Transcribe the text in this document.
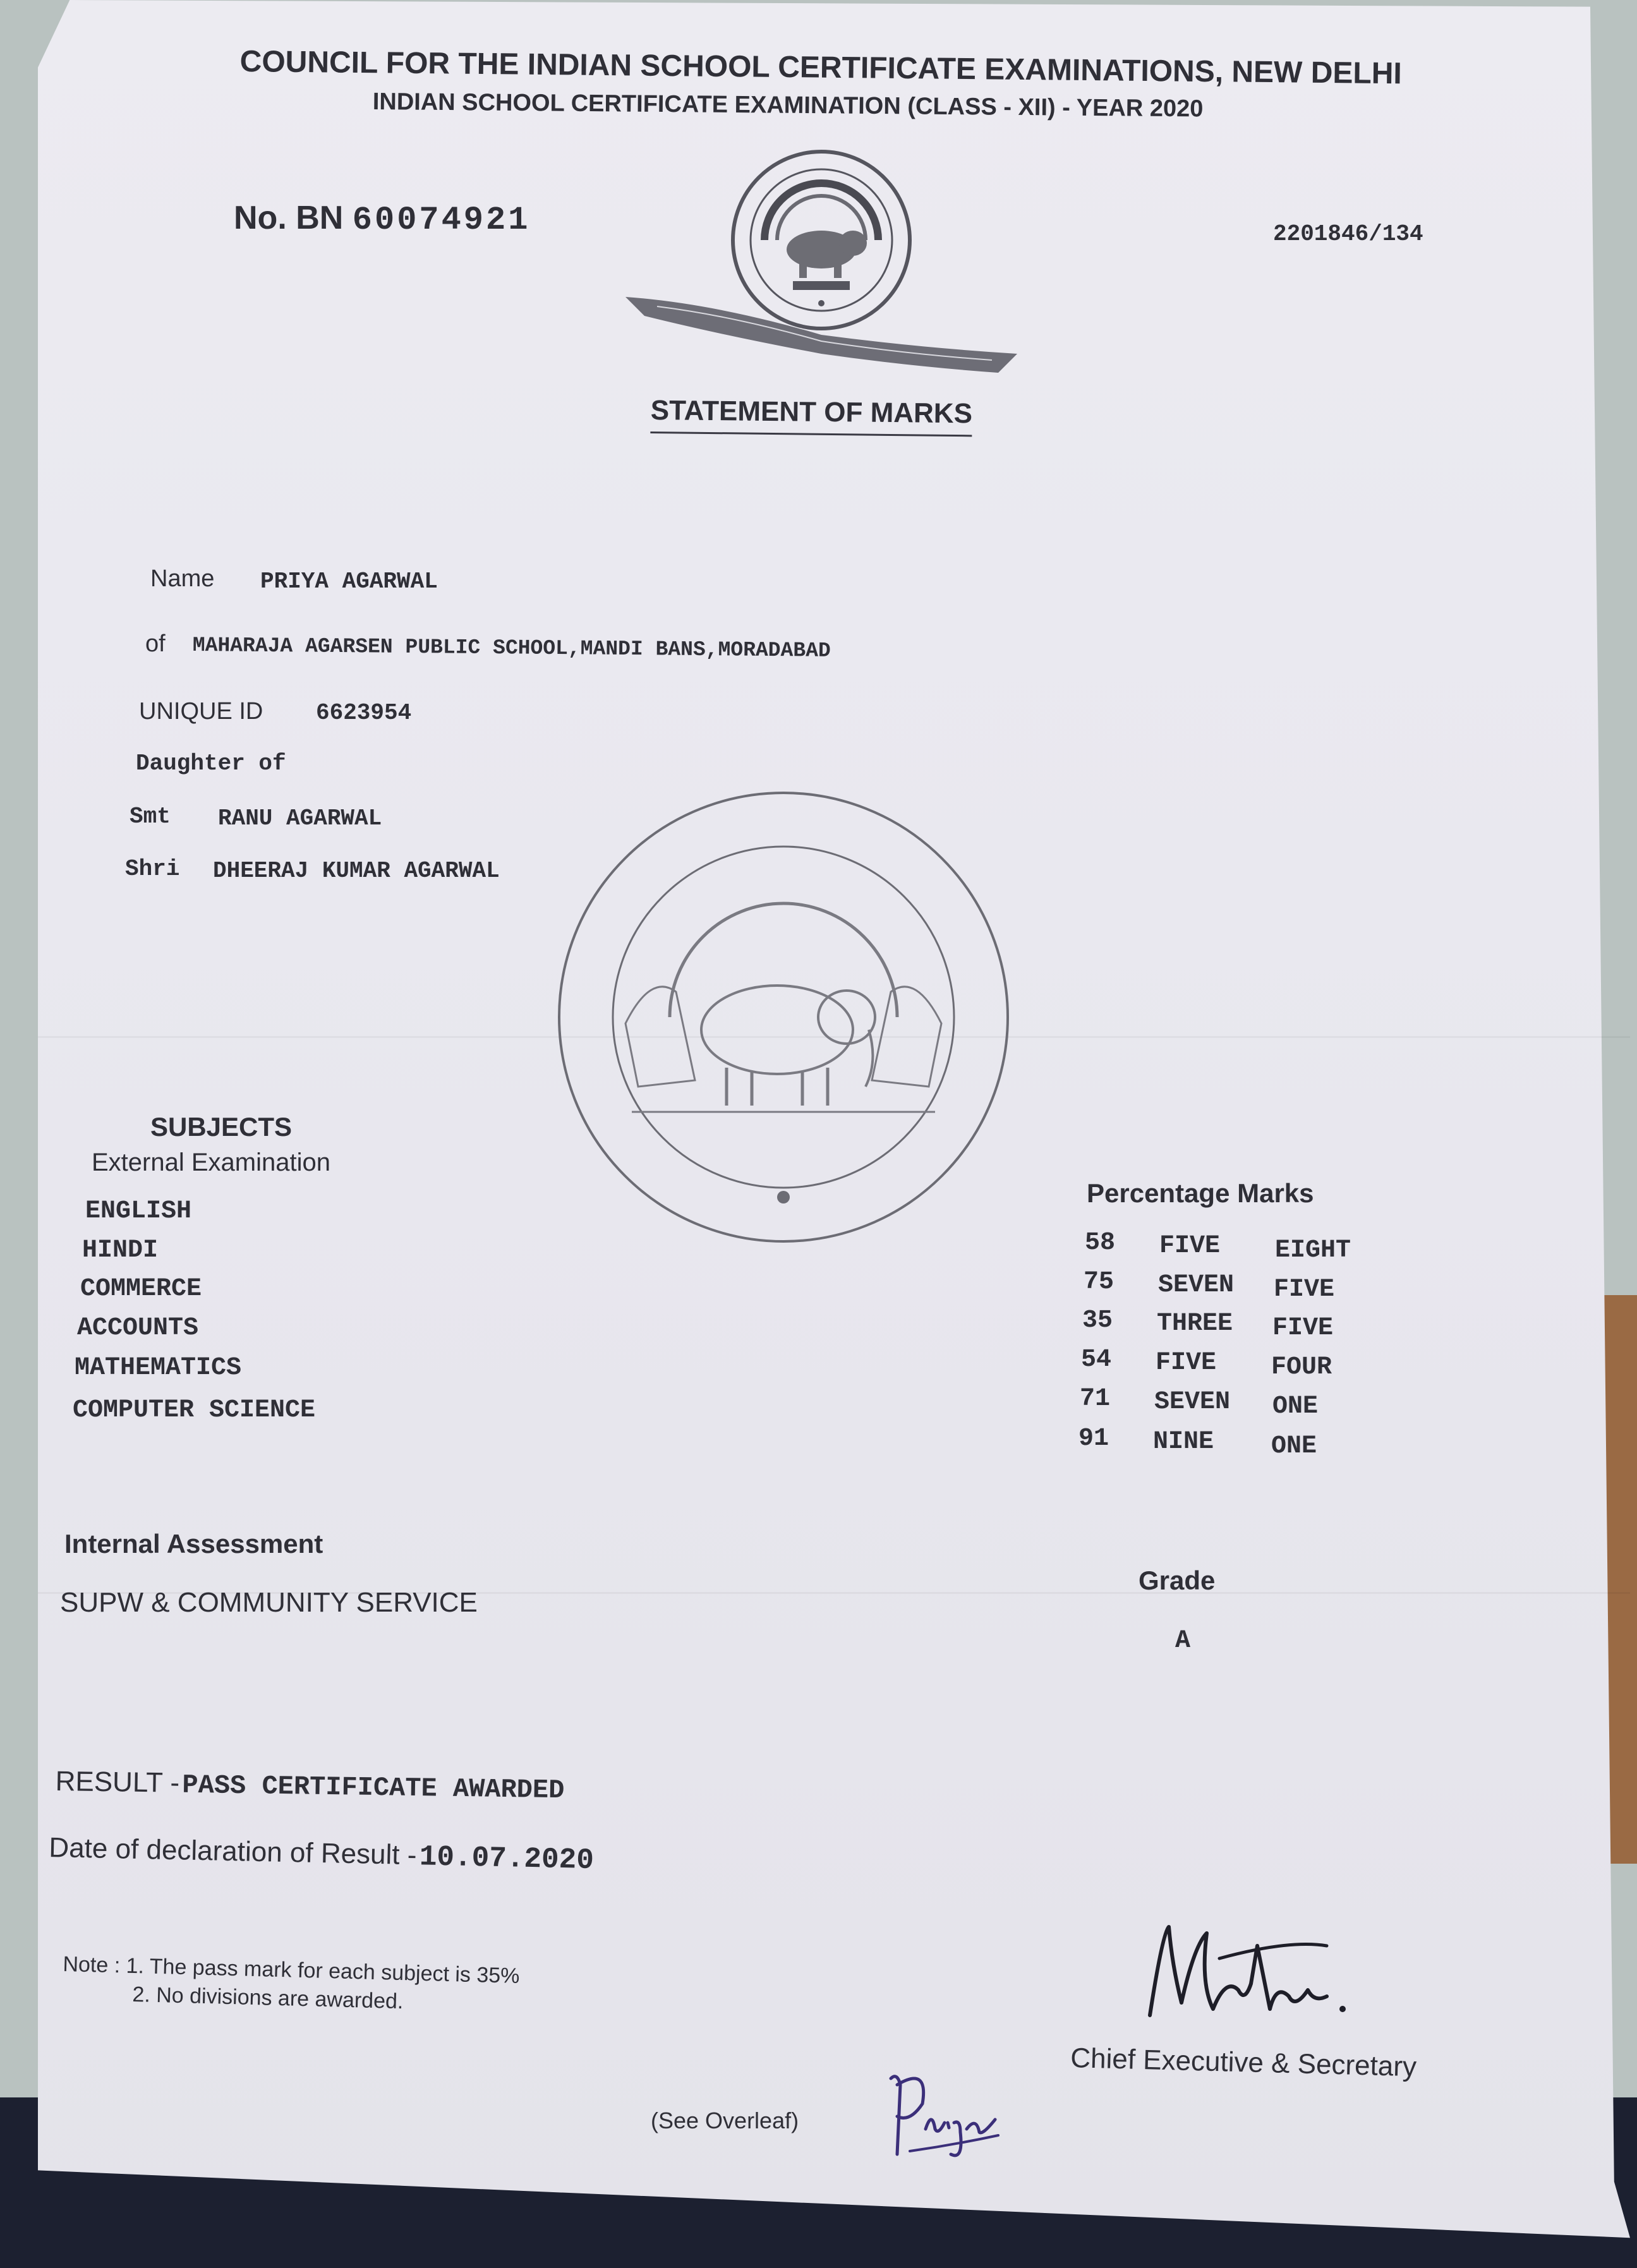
COUNCIL FOR THE INDIAN SCHOOL CERTIFICATE EXAMINATIONS, NEW DELHI
INDIAN SCHOOL CERTIFICATE EXAMINATION (CLASS - XII) - YEAR 2020
No. BN 60074921	2201846/134
STATEMENT OF MARKS
Name PRIYA AGARWAL
of MAHARAJA AGARSEN PUBLIC SCHOOL,MANDI BANS,MORADABAD
UNIQUE ID 6623954
Daughter of
Smt RANU AGARWAL
Shri DHEERAJ KUMAR AGARWAL
SUBJECTS
External Examination
Percentage Marks
ENGLISH
HINDI
COMMERCE
ACCOUNTS
MATHEMATICS
COMPUTER SCIENCE
58 FIVE EIGHT
75 SEVEN FIVE
35 THREE FIVE
54 FIVE FOUR
71 SEVEN ONE
91 NINE ONE
Internal Assessment
SUPW & COMMUNITY SERVICE
Grade
A
RESULT - PASS CERTIFICATE AWARDED
Date of declaration of Result - 10.07.2020
Note : 1. The pass mark for each subject is 35%
2. No divisions are awarded.
Chief Executive & Secretary
(See Overleaf)
